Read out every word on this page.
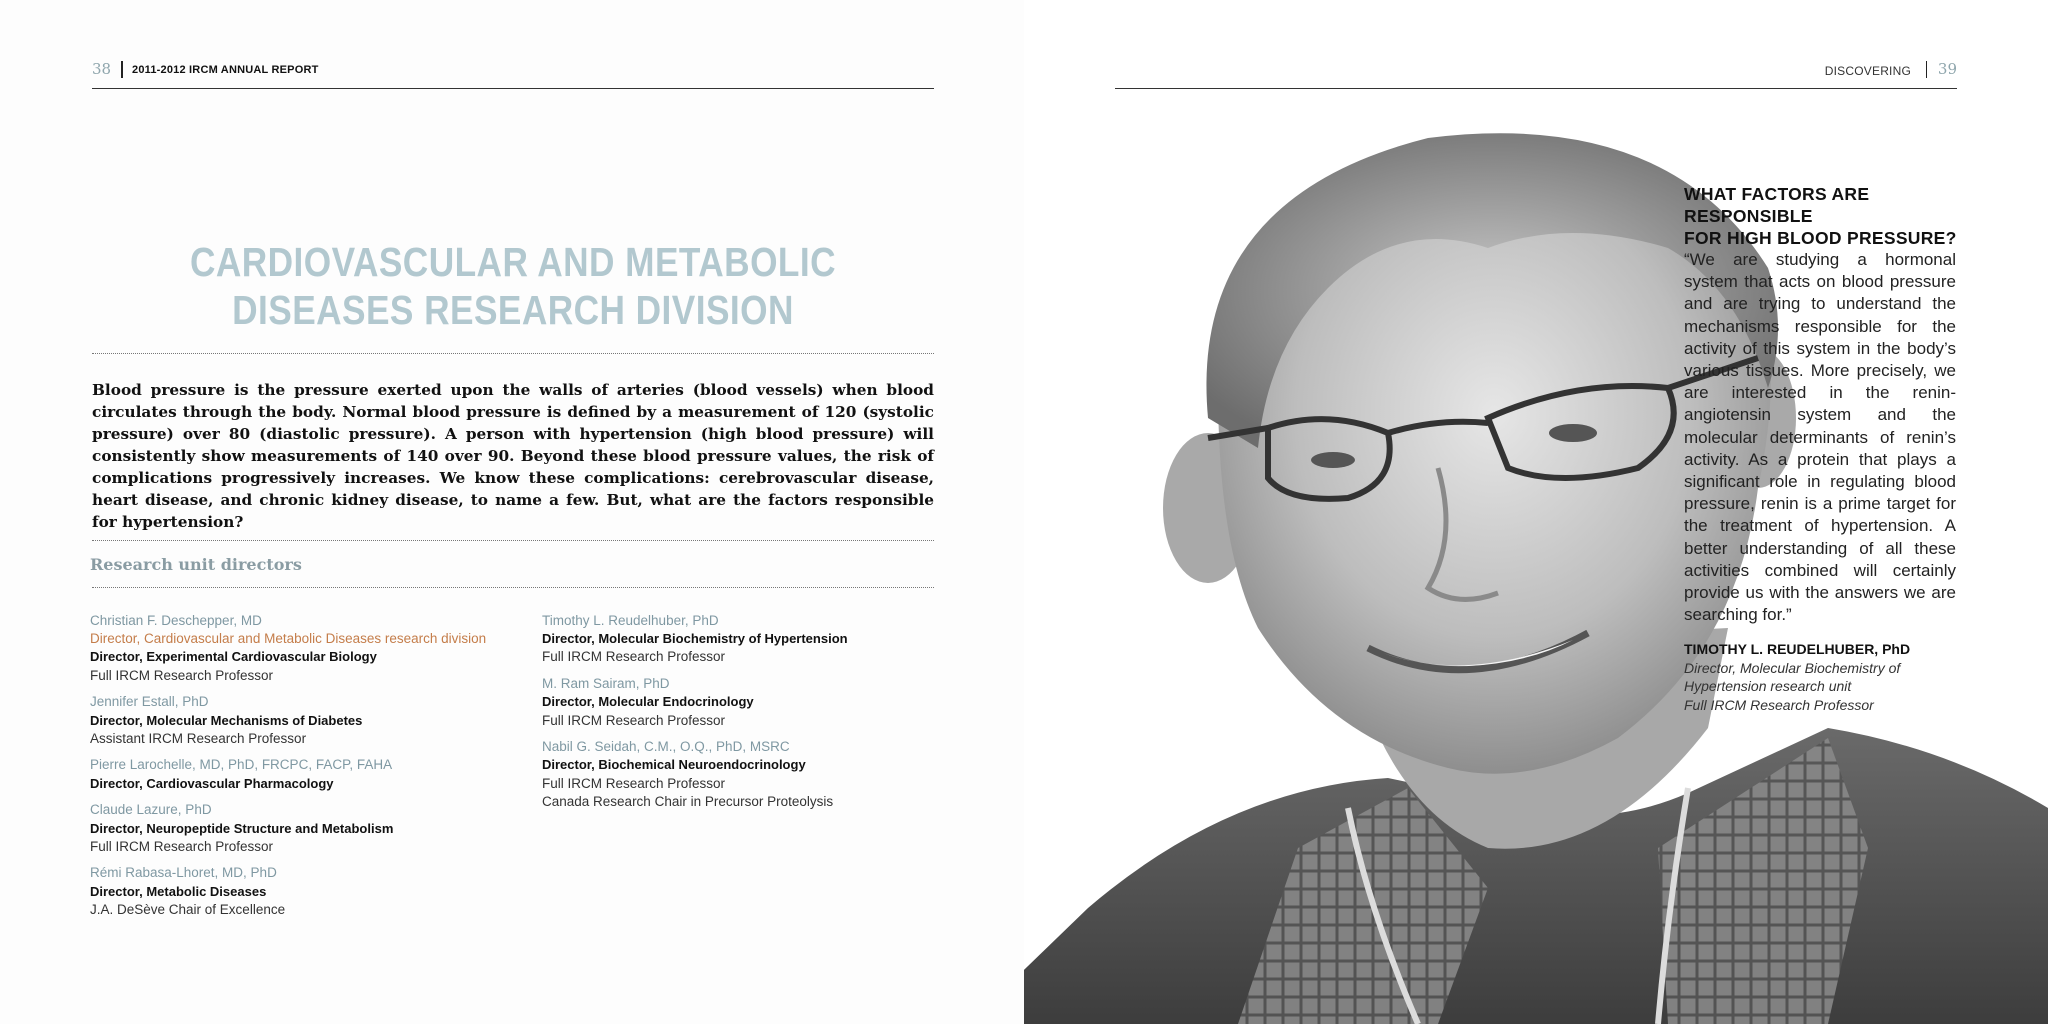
38 2011-2012 IRCM ANNUAL REPORT
CARDIOVASCULAR AND METABOLIC
DISEASES RESEARCH DIVISION

Blood pressure is the pressure exerted upon the walls of arteries (blood vessels) when blood circulates through the body. Normal blood pressure is defined by a measurement of 120 (systolic pressure) over 80 (diastolic pressure). A person with hypertension (high blood pressure) will consistently show measurements of 140 over 90. Beyond these blood pressure values, the risk of complications progressively increases. We know these complications: cerebrovascular disease, heart disease, and chronic kidney disease, to name a few. But, what are the factors responsible for hypertension?

Research unit directors
Christian F. Deschepper, MD
Director, Cardiovascular and Metabolic Diseases research division
Director, Experimental Cardiovascular Biology
Full IRCM Research Professor
Jennifer Estall, PhD
Director, Molecular Mechanisms of Diabetes
Assistant IRCM Research Professor
Pierre Larochelle, MD, PhD, FRCPC, FACP, FAHA
Director, Cardiovascular Pharmacology
Claude Lazure, PhD
Director, Neuropeptide Structure and Metabolism
Full IRCM Research Professor
Rémi Rabasa-Lhoret, MD, PhD
Director, Metabolic Diseases
J.A. DeSève Chair of Excellence
Timothy L. Reudelhuber, PhD
Director, Molecular Biochemistry of Hypertension
Full IRCM Research Professor
M. Ram Sairam, PhD
Director, Molecular Endocrinology
Full IRCM Research Professor
Nabil G. Seidah, C.M., O.Q., PhD, MSRC
Director, Biochemical Neuroendocrinology
Full IRCM Research Professor
Canada Research Chair in Precursor Proteolysis
DISCOVERING 39
WHAT FACTORS ARE RESPONSIBLE
FOR HIGH BLOOD PRESSURE?

“We are studying a hormonal system that acts on blood pressure and are trying to understand the mechanisms responsible for the activity of this system in the body’s various tissues. More precisely, we are interested in the renin-angiotensin system and the molecular determinants of renin’s activity. As a protein that plays a significant role in regulating blood pressure, renin is a prime target for the treatment of hypertension. A better understanding of all these activities combined will certainly provide us with the answers we are searching for.”

TIMOTHY L. REUDELHUBER, PhD
Director, Molecular Biochemistry of
Hypertension research unit
Full IRCM Research Professor
